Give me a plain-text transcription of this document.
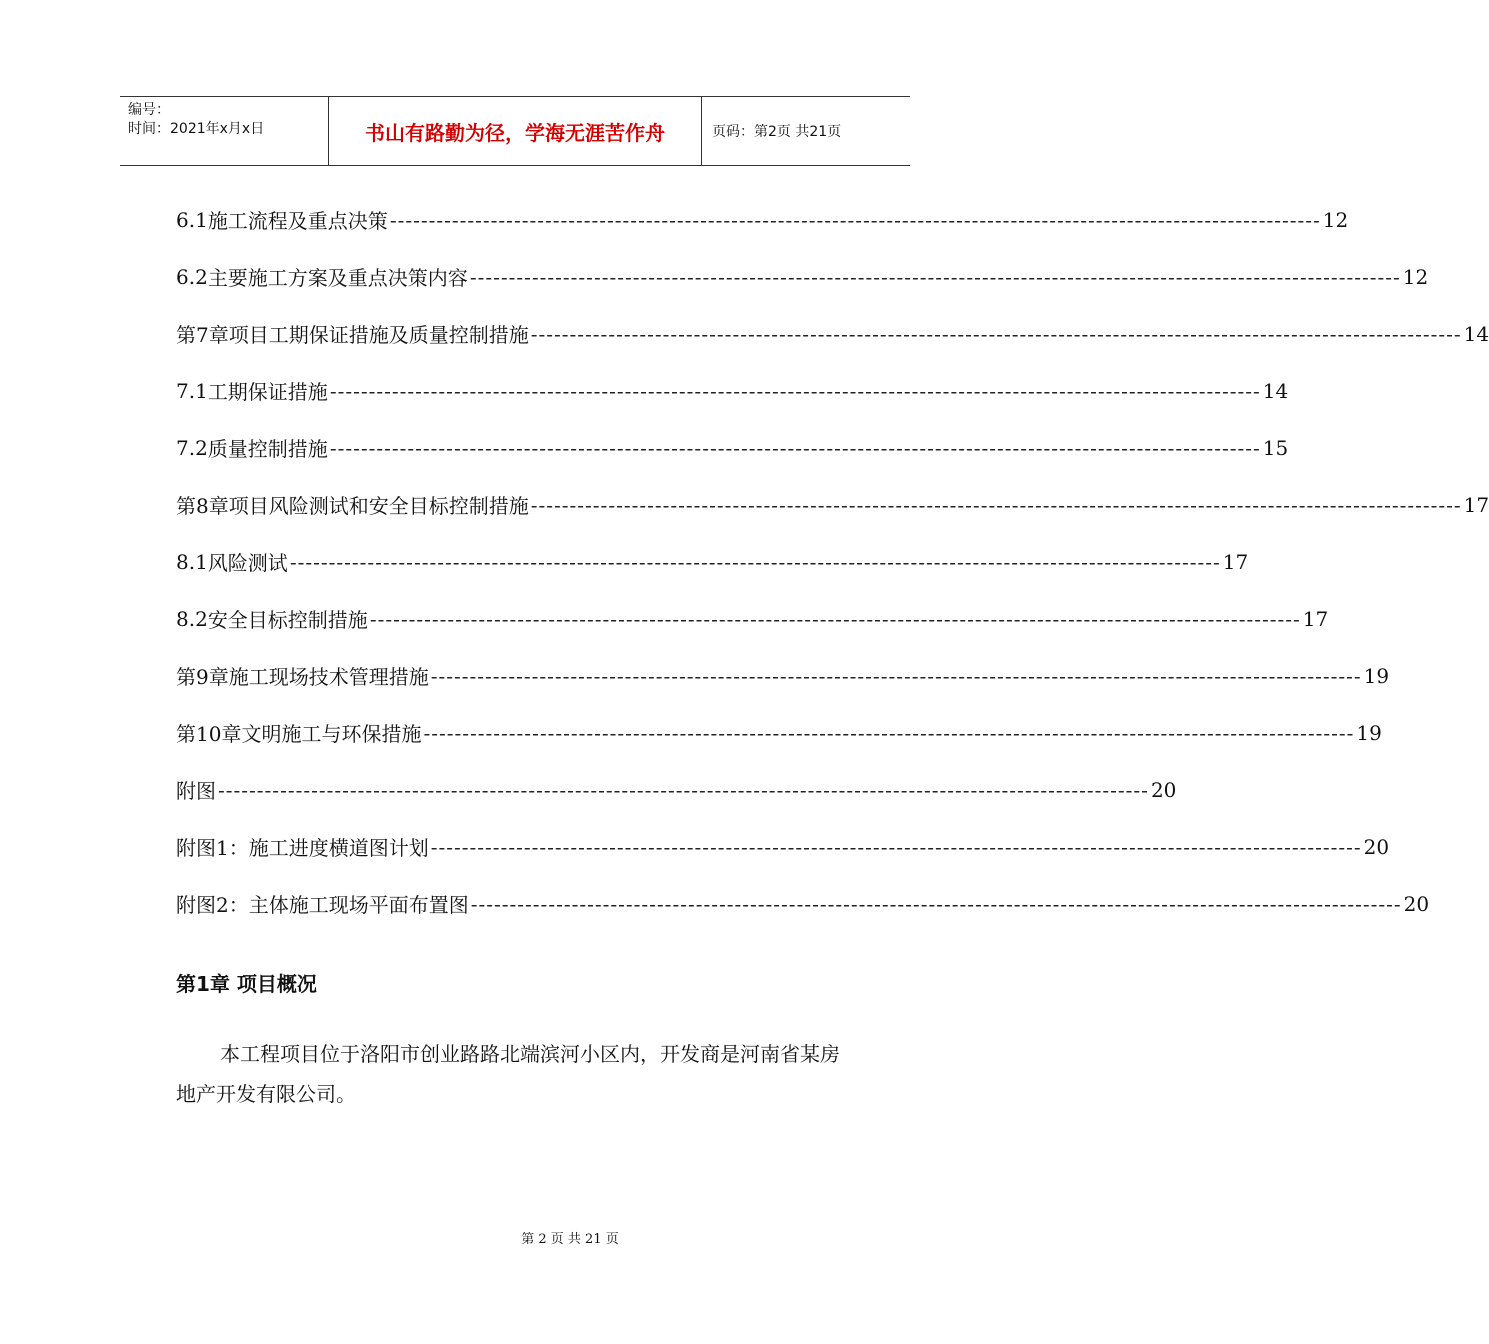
编号：
时间：2021年x月x日	书山有路勤为径，学海无涯苦作舟	页码：第2页 共21页
6.1 施工流程及重点决策 ------------------------------------------------------------------------------------------------------------------------ 12
6.2 主要施工方案及重点决策内容 ------------------------------------------------------------------------------------------------------------------------ 12
第7章 项目工期保证措施及质量控制措施 ------------------------------------------------------------------------------------------------------------------------ 14
7.1 工期保证措施 ------------------------------------------------------------------------------------------------------------------------ 14
7.2 质量控制措施 ------------------------------------------------------------------------------------------------------------------------ 15
第8章 项目风险测试和安全目标控制措施 ------------------------------------------------------------------------------------------------------------------------ 17
8.1 风险测试 ------------------------------------------------------------------------------------------------------------------------ 17
8.2 安全目标控制措施 ------------------------------------------------------------------------------------------------------------------------ 17
第9章 施工现场技术管理措施 ------------------------------------------------------------------------------------------------------------------------ 19
第10章 文明施工与环保措施 ------------------------------------------------------------------------------------------------------------------------ 19
附图 ------------------------------------------------------------------------------------------------------------------------ 20
附图1：施工进度横道图计划 ------------------------------------------------------------------------------------------------------------------------ 20
附图2：主体施工现场平面布置图 ------------------------------------------------------------------------------------------------------------------------ 20
第1章 项目概况
本工程项目位于洛阳市创业路路北端滨河小区内，开发商是河南省某房地产开发有限公司。
第 2 页 共 21 页
